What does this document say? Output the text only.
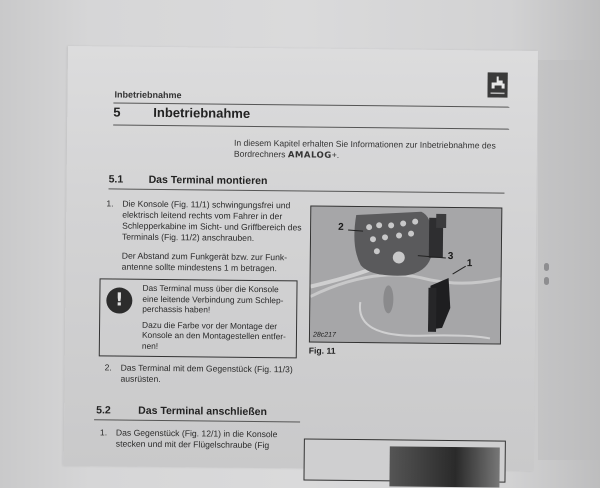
Inbetriebnahme
5	Inbetriebnahme
In diesem Kapitel erhalten Sie Informationen zur Inbetriebnahme des
Bordrechners AMALOG+.
5.1 Das Terminal montieren
1. Die Konsole (Fig. 11/1) schwingungsfrei und elektrisch leitend rechts vom Fahrer in der Schlepperkabine im Sicht- und Griffbereich des Terminals (Fig. 11/2) anschrauben.
Der Abstand zum Funkgerät bzw. zur Funk-antenne sollte mindestens 1 m betragen.
!

Das Terminal muss über die Konsole eine leitende Verbindung zum Schlep-perchassis haben!

Dazu die Farbe vor der Montage der Konsole an den Montagestellen entfer-nen!

2. Das Terminal mit dem Gegenstück (Fig. 11/3) ausrüsten.
1
2
3
28c217
Fig. 11
5.2	Das Terminal anschließen
1. Das Gegenstück (Fig. 12/1) in die Konsole stecken und mit der Flügelschraube (Fig
